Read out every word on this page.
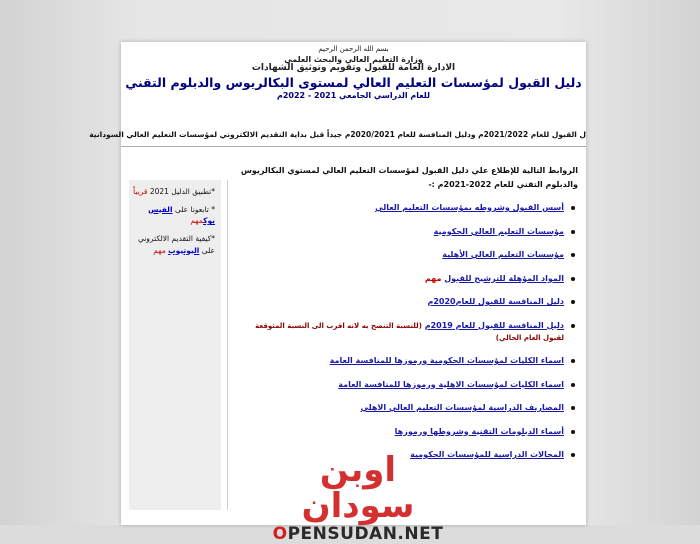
بسم الله الرحمن الرحيم
وزارة التعليم العالي والبحث العلمي
الادارة العامة للقبول وتقويم وتوثيق الشهادات
دليل القبول لمؤسسات التعليم العالي لمستوى البكالريوس والدبلوم التقني
للعام الدراسي الجامعي 2021 - 2022م
ل القبول للعام 2021/2022م ودليل المنافسة للعام 2020/2021م جيداً قبل بداية التقديم الالكتروني لمؤسسات التعليم العالي السودانية

الروابط التالية للإطلاع علي دليل القبول لمؤسسات التعليم العالي لمستوي البكالريوس والدبلوم التقني للعام 2022-2021م :-

أسس القبول وشروطه بمؤسسات التعليم العالي
مؤسسات التعليم العالي الحكومية
مؤسسات التعليم العالي الأهلية
المواد المؤهلة للترشيح للقبول مهم
دليل المنافسة للقبول للعام2020م
دليل المنافسة للقبول للعام 2019م (للنسبة التنصح به لانه اقرب الى النسبة المتوقعة لقبول العام الحالي)
اسماء الكليات لمؤسسات الحكومية ورموزها للمنافسة العامة
اسماء الكليات لمؤسسات الاهلية ورموزها للمنافسة العامة
المصاريف الدراسية لمؤسسات التعليم العالي الاهلي
أسماء الدبلومات التقنية وشروطها ورموزها
المجالات الدراسية للمؤسسات الحكومية
*تطبيق الدليل 2021 قريباً
* تابعونا على الفيس بوكمهم
*كيفية التقديم الالكتروني على اليوتيوب مهم
اوبن سودان
OPENSUDAN.NET
